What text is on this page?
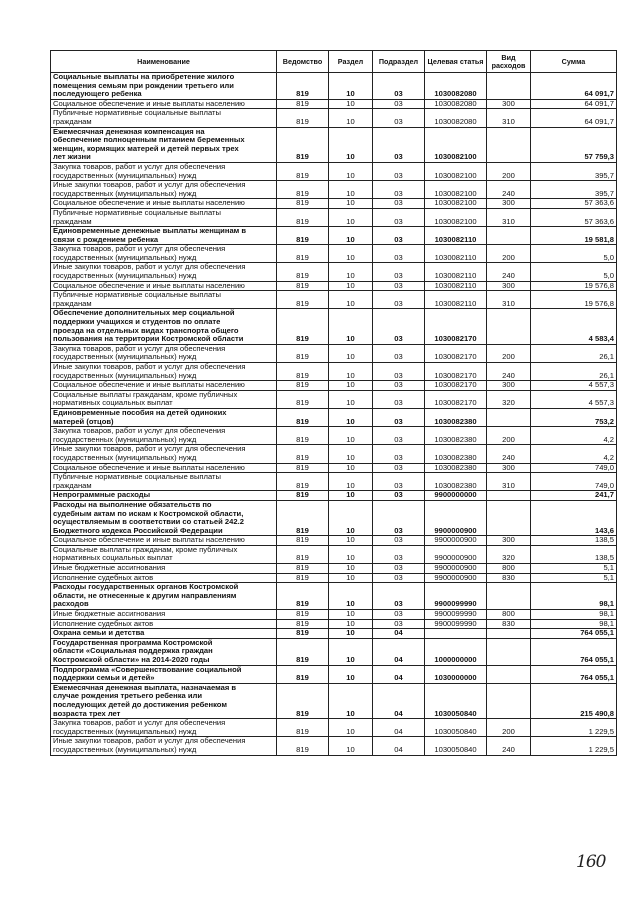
Наименование	Ведомство	Раздел	Подраздел	Целевая статья	Вид расходов	Сумма

Социальные выплаты на приобретение жилого
помещения семьям при рождении третьего или
последующего ребенка	819	10	03	1030082080		64 091,7

Социальное обеспечение и иные выплаты населению	819	10	03	1030082080	300	64 091,7

Публичные нормативные социальные выплаты
гражданам	819	10	03	1030082080	310	64 091,7

Ежемесячная денежная компенсация на
обеспечение полноценным питанием беременных
женщин, кормящих матерей и детей первых трех
лет жизни	819	10	03	1030082100		57 759,3

Закупка товаров, работ и услуг для обеспечения
государственных (муниципальных) нужд	819	10	03	1030082100	200	395,7

Иные закупки товаров, работ и услуг для обеспечения
государственных (муниципальных) нужд	819	10	03	1030082100	240	395,7

Социальное обеспечение и иные выплаты населению	819	10	03	1030082100	300	57 363,6

Публичные нормативные социальные выплаты
гражданам	819	10	03	1030082100	310	57 363,6

Единовременные денежные выплаты женщинам в
связи с рождением ребенка	819	10	03	1030082110		19 581,8

Закупка товаров, работ и услуг для обеспечения
государственных (муниципальных) нужд	819	10	03	1030082110	200	5,0

Иные закупки товаров, работ и услуг для обеспечения
государственных (муниципальных) нужд	819	10	03	1030082110	240	5,0

Социальное обеспечение и иные выплаты населению	819	10	03	1030082110	300	19 576,8

Публичные нормативные социальные выплаты
гражданам	819	10	03	1030082110	310	19 576,8

Обеспечение дополнительных мер социальной
поддержки учащихся и студентов по оплате
проезда на отдельных видах транспорта общего
пользования на территории Костромской области	819	10	03	1030082170		4 583,4

Закупка товаров, работ и услуг для обеспечения
государственных (муниципальных) нужд	819	10	03	1030082170	200	26,1

Иные закупки товаров, работ и услуг для обеспечения
государственных (муниципальных) нужд	819	10	03	1030082170	240	26,1

Социальное обеспечение и иные выплаты населению	819	10	03	1030082170	300	4 557,3

Социальные выплаты гражданам, кроме публичных
нормативных социальных выплат	819	10	03	1030082170	320	4 557,3

Единовременные пособия на детей одиноких
матерей (отцов)	819	10	03	1030082380		753,2

Закупка товаров, работ и услуг для обеспечения
государственных (муниципальных) нужд	819	10	03	1030082380	200	4,2

Иные закупки товаров, работ и услуг для обеспечения
государственных (муниципальных) нужд	819	10	03	1030082380	240	4,2

Социальное обеспечение и иные выплаты населению	819	10	03	1030082380	300	749,0

Публичные нормативные социальные выплаты
гражданам	819	10	03	1030082380	310	749,0

Непрограммные расходы	819	10	03	9900000000		241,7

Расходы на выполнение обязательств по
судебным актам по искам к Костромской области,
осуществляемым в соответствии со статьей 242.2
Бюджетного кодекса Российской Федерации	819	10	03	9900000900		143,6

Социальное обеспечение и иные выплаты населению	819	10	03	9900000900	300	138,5

Социальные выплаты гражданам, кроме публичных
нормативных социальных выплат	819	10	03	9900000900	320	138,5

Иные бюджетные ассигнования	819	10	03	9900000900	800	5,1

Исполнение судебных актов	819	10	03	9900000900	830	5,1

Расходы государственных органов Костромской
области, не отнесенные к другим направлениям
расходов	819	10	03	9900099990		98,1

Иные бюджетные ассигнования	819	10	03	9900099990	800	98,1

Исполнение судебных актов	819	10	03	9900099990	830	98,1

Охрана семьи и детства	819	10	04			764 055,1

Государственная программа Костромской
области «Социальная поддержка граждан
Костромской области» на 2014-2020 годы	819	10	04	1000000000		764 055,1

Подпрограмма «Совершенствование социальной
поддержки семьи и детей»	819	10	04	1030000000		764 055,1

Ежемесячная денежная выплата, назначаемая в
случае рождения третьего ребенка или
последующих детей до достижения ребенком
возраста трех лет	819	10	04	1030050840		215 490,8

Закупка товаров, работ и услуг для обеспечения
государственных (муниципальных) нужд	819	10	04	1030050840	200	1 229,5

Иные закупки товаров, работ и услуг для обеспечения
государственных (муниципальных) нужд	819	10	04	1030050840	240	1 229,5
160
